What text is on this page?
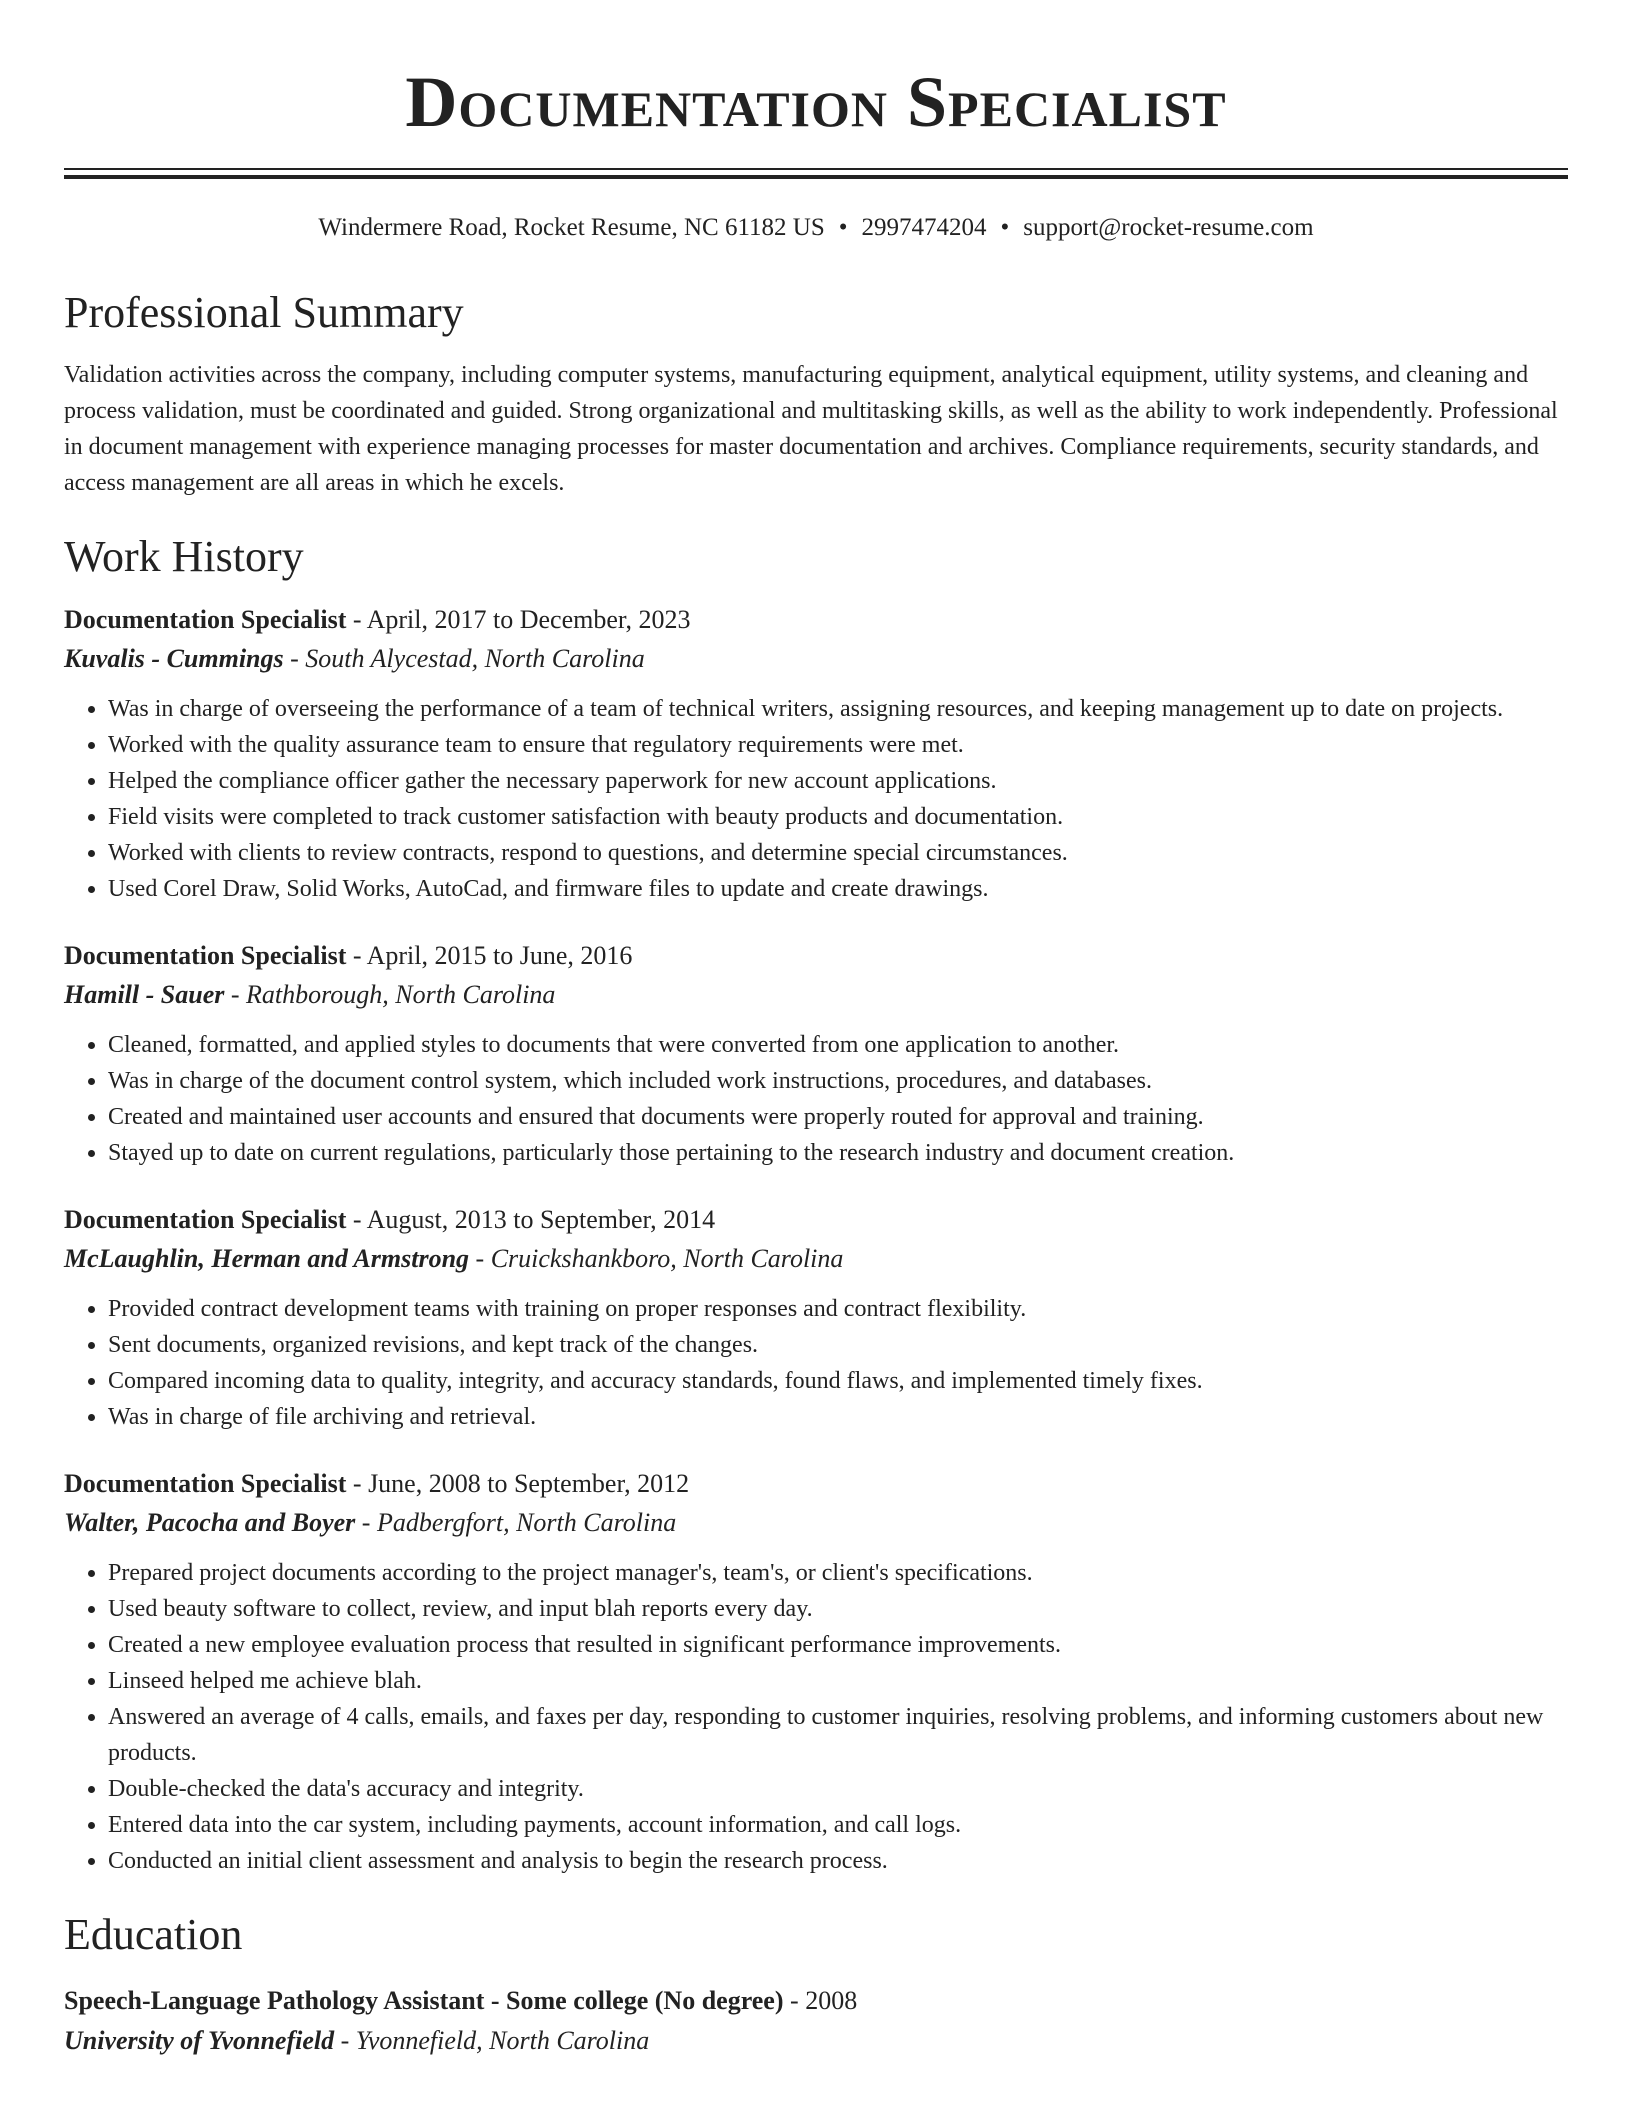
Documentation Specialist
Windermere Road, Rocket Resume, NC 61182 US • 2997474204 • support@rocket-resume.com
Professional Summary

Validation activities across the company, including computer systems, manufacturing equipment, analytical equipment, utility systems, and cleaning and process validation, must be coordinated and guided. Strong organizational and multitasking skills, as well as the ability to work independently. Professional in document management with experience managing processes for master documentation and archives. Compliance requirements, security standards, and access management are all areas in which he excels.

Work History
Documentation Specialist - April, 2017 to December, 2023
Kuvalis - Cummings - South Alycestad, North Carolina
• Was in charge of overseeing the performance of a team of technical writers, assigning resources, and keeping management up to date on projects.
• Worked with the quality assurance team to ensure that regulatory requirements were met.
• Helped the compliance officer gather the necessary paperwork for new account applications.
• Field visits were completed to track customer satisfaction with beauty products and documentation.
• Worked with clients to review contracts, respond to questions, and determine special circumstances.
• Used Corel Draw, Solid Works, AutoCad, and firmware files to update and create drawings.
Documentation Specialist - April, 2015 to June, 2016
Hamill - Sauer - Rathborough, North Carolina
• Cleaned, formatted, and applied styles to documents that were converted from one application to another.
• Was in charge of the document control system, which included work instructions, procedures, and databases.
• Created and maintained user accounts and ensured that documents were properly routed for approval and training.
• Stayed up to date on current regulations, particularly those pertaining to the research industry and document creation.
Documentation Specialist - August, 2013 to September, 2014
McLaughlin, Herman and Armstrong - Cruickshankboro, North Carolina
• Provided contract development teams with training on proper responses and contract flexibility.
• Sent documents, organized revisions, and kept track of the changes.
• Compared incoming data to quality, integrity, and accuracy standards, found flaws, and implemented timely fixes.
• Was in charge of file archiving and retrieval.
Documentation Specialist - June, 2008 to September, 2012
Walter, Pacocha and Boyer - Padbergfort, North Carolina
• Prepared project documents according to the project manager's, team's, or client's specifications.
• Used beauty software to collect, review, and input blah reports every day.
• Created a new employee evaluation process that resulted in significant performance improvements.
• Linseed helped me achieve blah.
• Answered an average of 4 calls, emails, and faxes per day, responding to customer inquiries, resolving problems, and informing customers about new products.
• Double-checked the data's accuracy and integrity.
• Entered data into the car system, including payments, account information, and call logs.
• Conducted an initial client assessment and analysis to begin the research process.
Education
Speech-Language Pathology Assistant - Some college (No degree) - 2008
University of Yvonnefield - Yvonnefield, North Carolina
